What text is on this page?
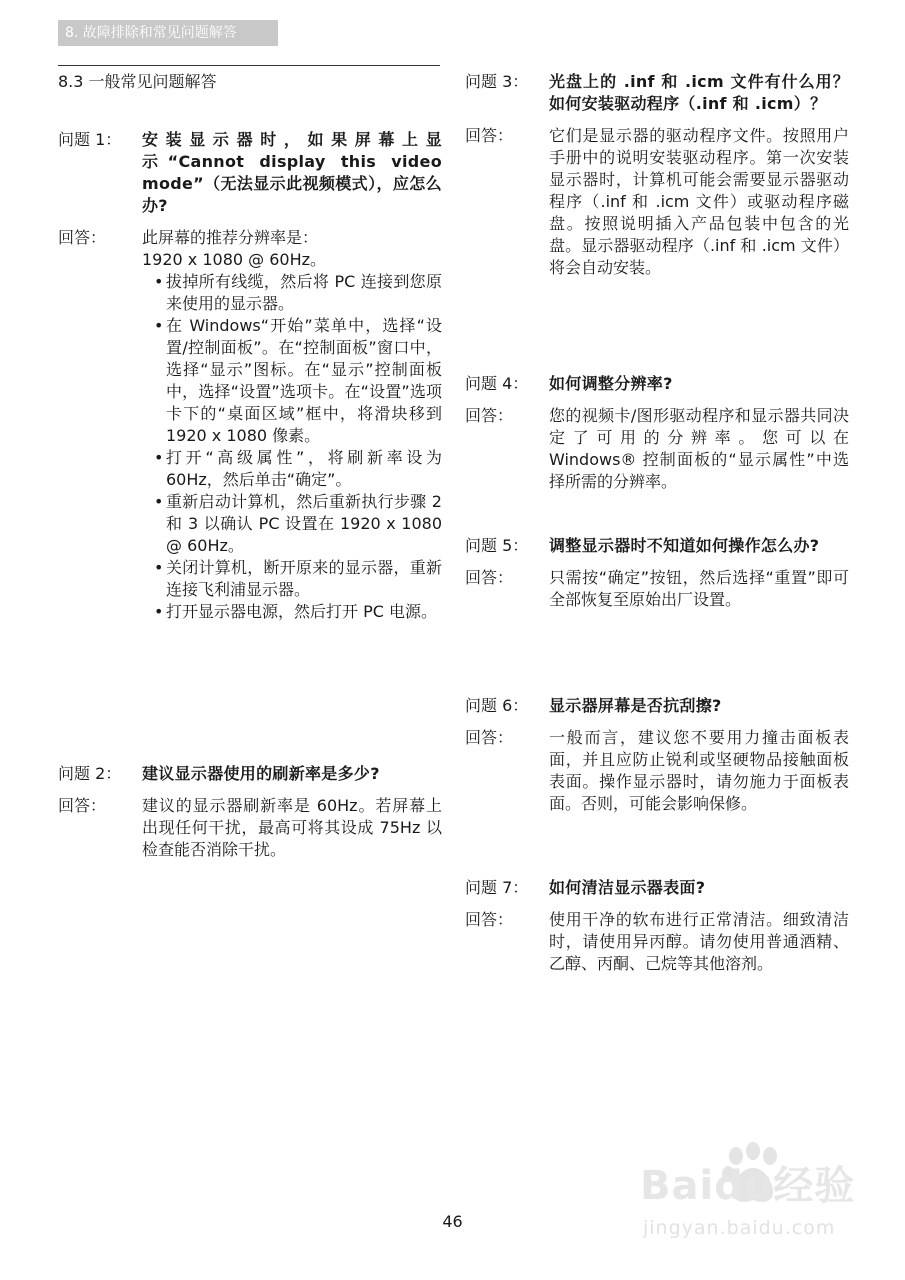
8. 故障排除和常见问题解答
8.3 一般常见问题解答
问题 1：	安装显示器时，如果屏幕上显示“Cannot display this video mode”（无法显示此视频模式），应怎么办?
回答：	此屏幕的推荐分辨率是：
1920 x 1080 @ 60Hz。
• 拔掉所有线缆，然后将 PC 连接到您原来使用的显示器。
• 在 Windows“开始”菜单中，选择“设置/控制面板”。在“控制面板”窗口中，选择“显示”图标。在“显示”控制面板中，选择“设置”选项卡。在“设置”选项卡下的“桌面区域”框中，将滑块移到 1920 x 1080 像素。
• 打开“高级属性”，将刷新率设为 60Hz，然后单击“确定”。
• 重新启动计算机，然后重新执行步骤 2 和 3 以确认 PC 设置在 1920 x 1080 @ 60Hz。
• 关闭计算机，断开原来的显示器，重新连接飞利浦显示器。
• 打开显示器电源，然后打开 PC 电源。
问题 2：	建议显示器使用的刷新率是多少?
回答：	建议的显示器刷新率是 60Hz。若屏幕上出现任何干扰，最高可将其设成 75Hz 以检查能否消除干扰。
问题 3：	光盘上的 .inf 和 .icm 文件有什么用？如何安装驱动程序（.inf 和 .icm）？
回答：	它们是显示器的驱动程序文件。按照用户手册中的说明安装驱动程序。第一次安装显示器时，计算机可能会需要显示器驱动程序（.inf 和 .icm 文件）或驱动程序磁盘。按照说明插入产品包装中包含的光盘。显示器驱动程序（.inf 和 .icm 文件）将会自动安装。
问题 4：	如何调整分辨率?
回答：	您的视频卡/图形驱动程序和显示器共同决定了可用的分辨率。您可以在 Windows® 控制面板的“显示属性”中选择所需的分辨率。
问题 5：	调整显示器时不知道如何操作怎么办?
回答：	只需按“确定”按钮，然后选择“重置”即可全部恢复至原始出厂设置。
问题 6：	显示器屏幕是否抗刮擦?
回答：	一般而言，建议您不要用力撞击面板表面，并且应防止锐利或坚硬物品接触面板表面。操作显示器时，请勿施力于面板表面。否则，可能会影响保修。
问题 7：	如何清洁显示器表面?
回答：	使用干净的软布进行正常清洁。细致清洁时，请使用异丙醇。请勿使用普通酒精、乙醇、丙酮、己烷等其他溶剂。
46
Baidu经验
jingyan.baidu.com
